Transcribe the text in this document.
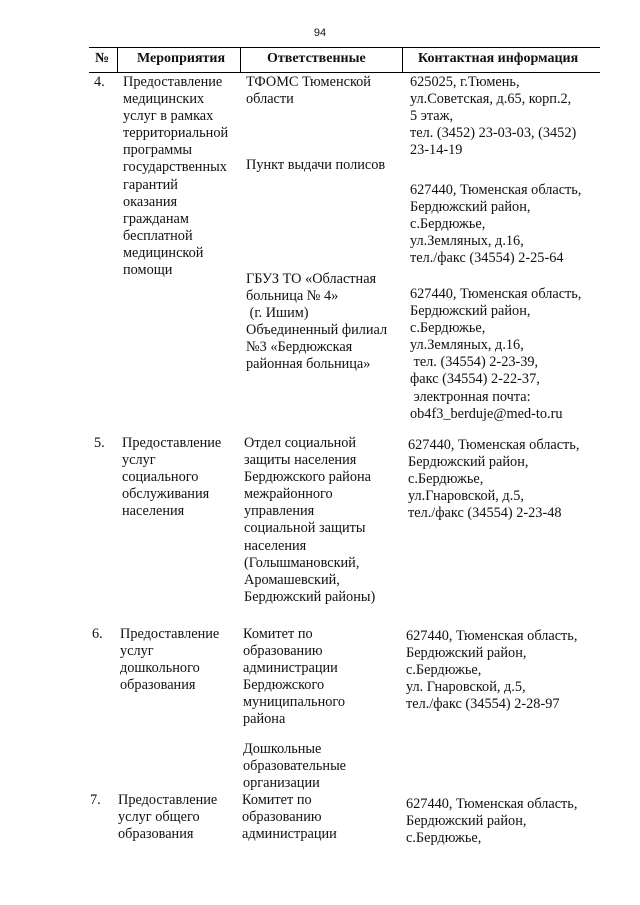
94
№ Мероприятия	Ответственные	Контактная информация
4. Предоставление
медицинских
услуг в рамках
территориальной
программы
государственных
гарантий
оказания
гражданам
бесплатной
медицинской
помощи
ТФОМС Тюменской
области
Пункт выдачи полисов
ГБУЗ ТО «Областная
больница № 4»
(г. Ишим)
Объединенный филиал
№3 «Бердюжская
районная больница»
625025, г.Тюмень,
ул.Советская, д.65, корп.2,
5 этаж,
тел. (3452) 23-03-03, (3452)
23-14-19
627440, Тюменская область,
Бердюжский район,
с.Бердюжье,
ул.Земляных, д.16,
тел./факс (34554) 2-25-64
627440, Тюменская область,
Бердюжский район,
с.Бердюжье,
ул.Земляных, д.16,
тел. (34554) 2-23-39,
факс (34554) 2-22-37,
электронная почта:
ob4f3_berduje@med-to.ru
5. Предоставление
услуг
социального
обслуживания
населения
Отдел социальной
защиты населения
Бердюжского района
межрайонного
управления
социальной защиты
населения
(Голышмановский,
Аромашевский,
Бердюжский районы)
627440, Тюменская область,
Бердюжский район,
с.Бердюжье,
ул.Гнаровской, д.5,
тел./факс (34554) 2-23-48
6. Предоставление
услуг
дошкольного
образования
Комитет по
образованию
администрации
Бердюжского
муниципального
района
Дошкольные
образовательные
организации
627440, Тюменская область,
Бердюжский район,
с.Бердюжье,
ул. Гнаровской, д.5,
тел./факс (34554) 2-28-97
7. Предоставление
услуг общего
образования
Комитет по
образованию
администрации
627440, Тюменская область,
Бердюжский район,
с.Бердюжье,
